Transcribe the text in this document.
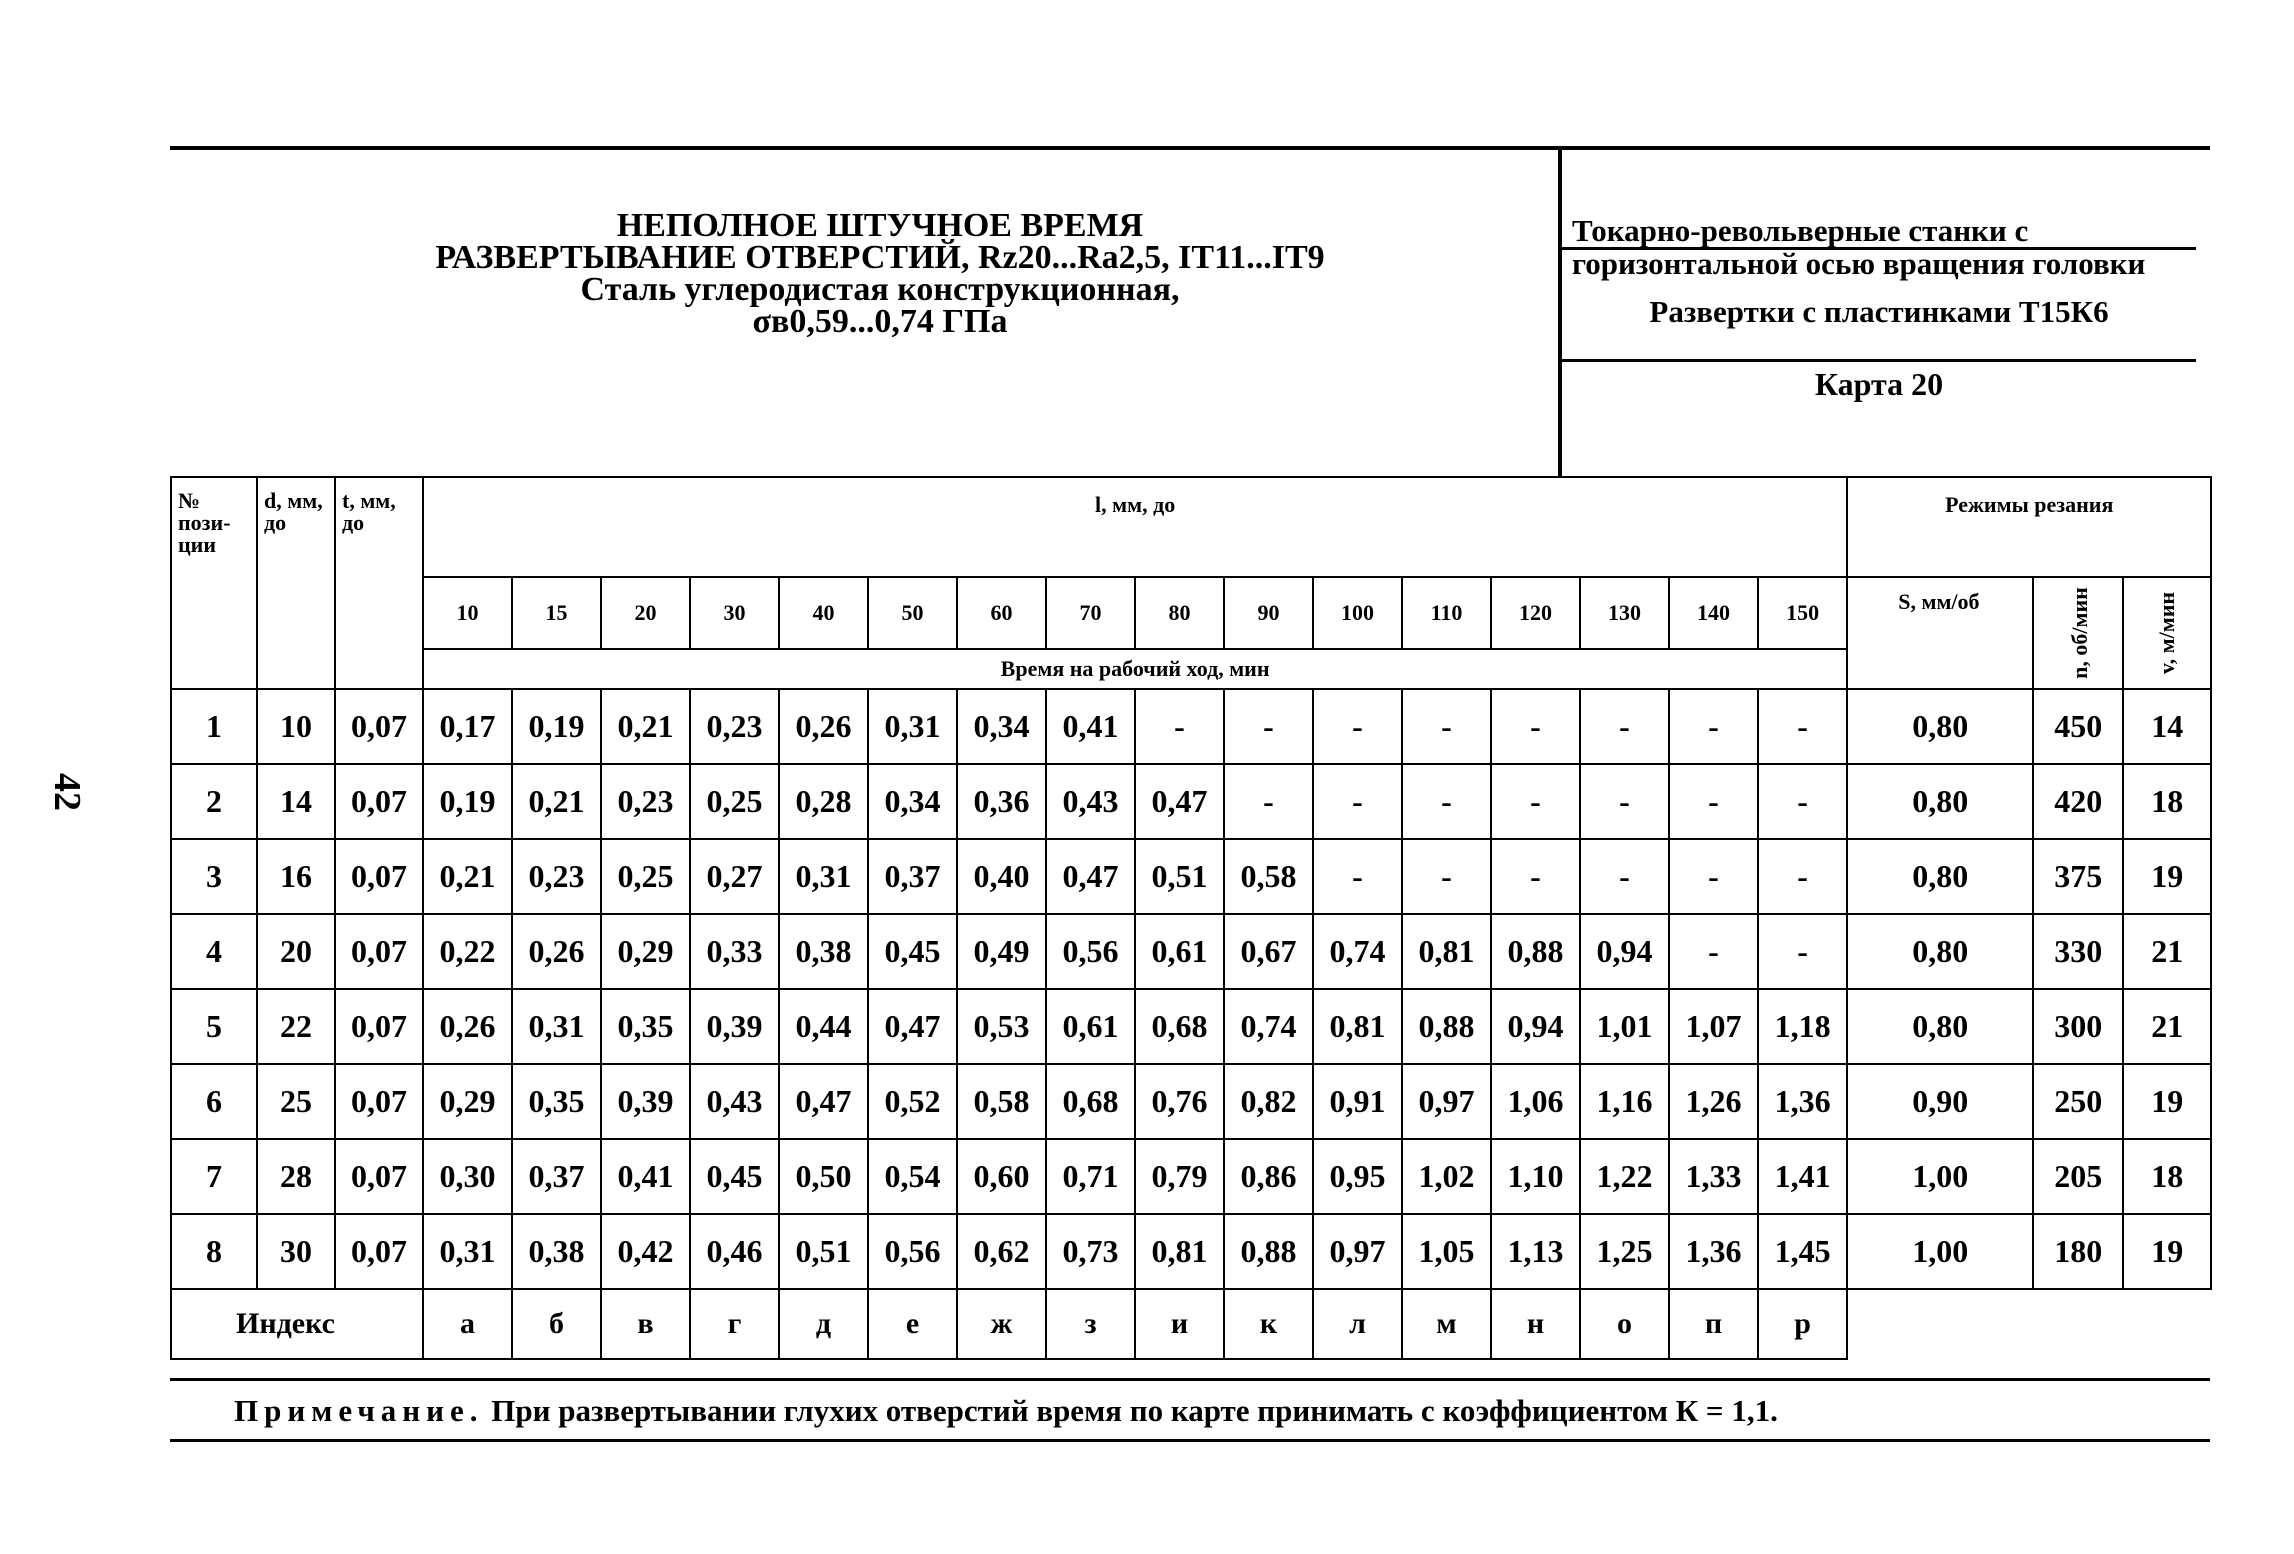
42
НЕПОЛНОЕ ШТУЧНОЕ ВРЕМЯ
РАЗВЕРТЫВАНИЕ ОТВЕРСТИЙ, Rz20...Ra2,5, IT11...IT9
Сталь углеродистая конструкционная,
σв0,59...0,74 ГПа
Токарно-револьверные станки с
горизонтальной осью вращения головки
Развертки с пластинками Т15К6
Карта 20
№ пози- ции	d, мм, до	t, мм, до	l, мм, до																Режимы резания		
			10	15	20	30	40	50	60	70	80	90	100	110	120	130	140	150	S, мм/об	n, об/мин	v, м/мин
			Время на рабочий ход, мин																		
1	10	0,07	0,17	0,19	0,21	0,23	0,26	0,31	0,34	0,41	-	-	-	-	-	-	-	-	0,80	450	14
2	14	0,07	0,19	0,21	0,23	0,25	0,28	0,34	0,36	0,43	0,47	-	-	-	-	-	-	-	0,80	420	18
3	16	0,07	0,21	0,23	0,25	0,27	0,31	0,37	0,40	0,47	0,51	0,58	-	-	-	-	-	-	0,80	375	19
4	20	0,07	0,22	0,26	0,29	0,33	0,38	0,45	0,49	0,56	0,61	0,67	0,74	0,81	0,88	0,94	-	-	0,80	330	21
5	22	0,07	0,26	0,31	0,35	0,39	0,44	0,47	0,53	0,61	0,68	0,74	0,81	0,88	0,94	1,01	1,07	1,18	0,80	300	21
6	25	0,07	0,29	0,35	0,39	0,43	0,47	0,52	0,58	0,68	0,76	0,82	0,91	0,97	1,06	1,16	1,26	1,36	0,90	250	19
7	28	0,07	0,30	0,37	0,41	0,45	0,50	0,54	0,60	0,71	0,79	0,86	0,95	1,02	1,10	1,22	1,33	1,41	1,00	205	18
8	30	0,07	0,31	0,38	0,42	0,46	0,51	0,56	0,62	0,73	0,81	0,88	0,97	1,05	1,13	1,25	1,36	1,45	1,00	180	19
Индекс			а	б	в	г	д	е	ж	з	и	к	л	м	н	о	п	р			
Примечание. При развертывании глухих отверстий время по карте принимать с коэффициентом К = 1,1.
